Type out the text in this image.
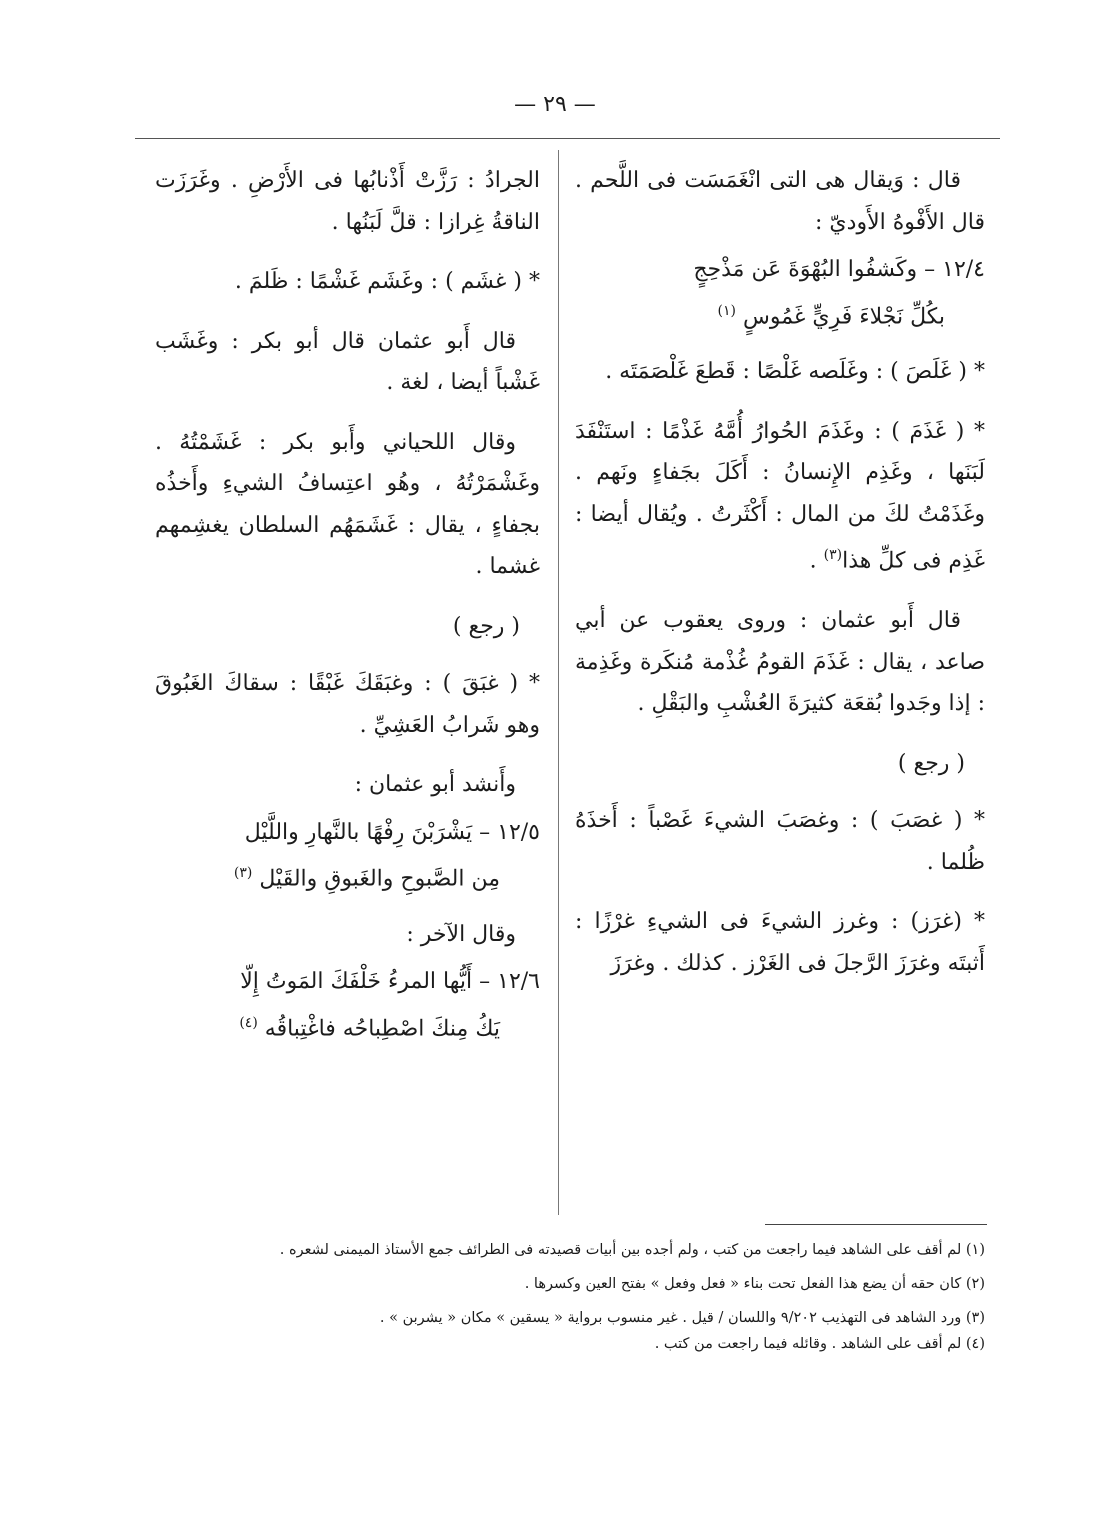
— ٢٩ —

قال : وَيقال هى التى انْغَمَسَت فى اللَّحم . قال الأَفْوهُ الأَوديّ :

١٢/٤ – وكَشفُوا البُهْوَةَ عَن مَذْحِجٍ
بكُلِّ نَجْلاءَ فَرِيٍّ غَمُوسٍ $^{(١)}$

* ( غَلَصَ ) : وغَلَصه غَلْصًا : قَطعَ غَلْصَمَتَه .

* ( غَذَمَ ) : وغَذَمَ الحُوارُ أُمَّهُ غَذْمًا : استَنْفَدَ لَبَنَها ، وغَذِم الإِنسانُ : أَكَلَ بجَفاءٍ ونَهم . وغَذَمْتُ لكَ من المال : أَكْثَرتُ . ويُقال أيضا : غَذِم فى كلِّ هذا$^{(٣)}$ .

قال أَبو عثمان : وروى يعقوب عن أبي صاعد ، يقال : غَذَمَ القومُ غُذْمة مُنكَرة وغَذِمة : إذا وجَدوا بُقعَة كثيرَةَ العُشْبِ والبَقْلِ .

( رجع )

* ( غصَبَ ) : وغصَبَ الشيءَ غَصْباً : أَخذَهُ ظُلما .

* (غرَز) : وغرز الشيءَ فى الشيءِ غرْزًا : أَثبتَه وغرَزَ الرَّجلَ فى الغَرْز . كذلك . وغرَزَ

الجرادُ : رَزَّتْ أَذْنابُها فى الأَرْضِ . وغَرَزَت الناقةُ غِرازا : قلَّ لَبَنُها .

* ( غشَم ) : وغَشَم غَشْمًا : ظَلمَ .

قال أَبو عثمان قال أبو بكر : وغَشَب غَشْباً أيضا ، لغة .

وقال اللحياني وأَبو بكر : غَشَمْتُهُ . وغَشْمَرْتُهُ ، وهُو اعتِسافُ الشيءِ وأَخذُه بجفاءٍ ، يقال : غَشَمَهُم السلطان يغشِمهم غشما .

( رجع )

* ( غبَقَ ) : وغبَقَكَ غَبْقًا : سقاكَ الغَبُوقَ وهو شَرابُ العَشِيِّ .

وأَنشد أبو عثمان :

١٢/٥ – يَشْرَبْنَ رِفْهًا بالنَّهارِ واللَّيْل
مِن الصَّبوحِ والغَبوقِ والقَيْل $^{(٣)}$

وقال الآخر :

١٢/٦ – أَيُّها المرءُ خَلْفَكَ المَوتُ إِلّا
يَكُ مِنكَ اصْطِباحُه فاغْتِباقُه $^{(٤)}$

(١) لم أقف على الشاهد فيما راجعت من كتب ، ولم أجده بين أبيات قصيدته فى الطرائف جمع الأستاذ الميمنى لشعره .

(٢) كان حقه أن يضع هذا الفعل تحت بناء « فعل وفعل » بفتح العين وكسرها .

(٣) ورد الشاهد فى التهذيب ٩/٢٠٢ واللسان / قيل . غير منسوب برواية « يسقين » مكان « يشربن » .

(٤) لم أقف على الشاهد . وقائله فيما راجعت من كتب .
